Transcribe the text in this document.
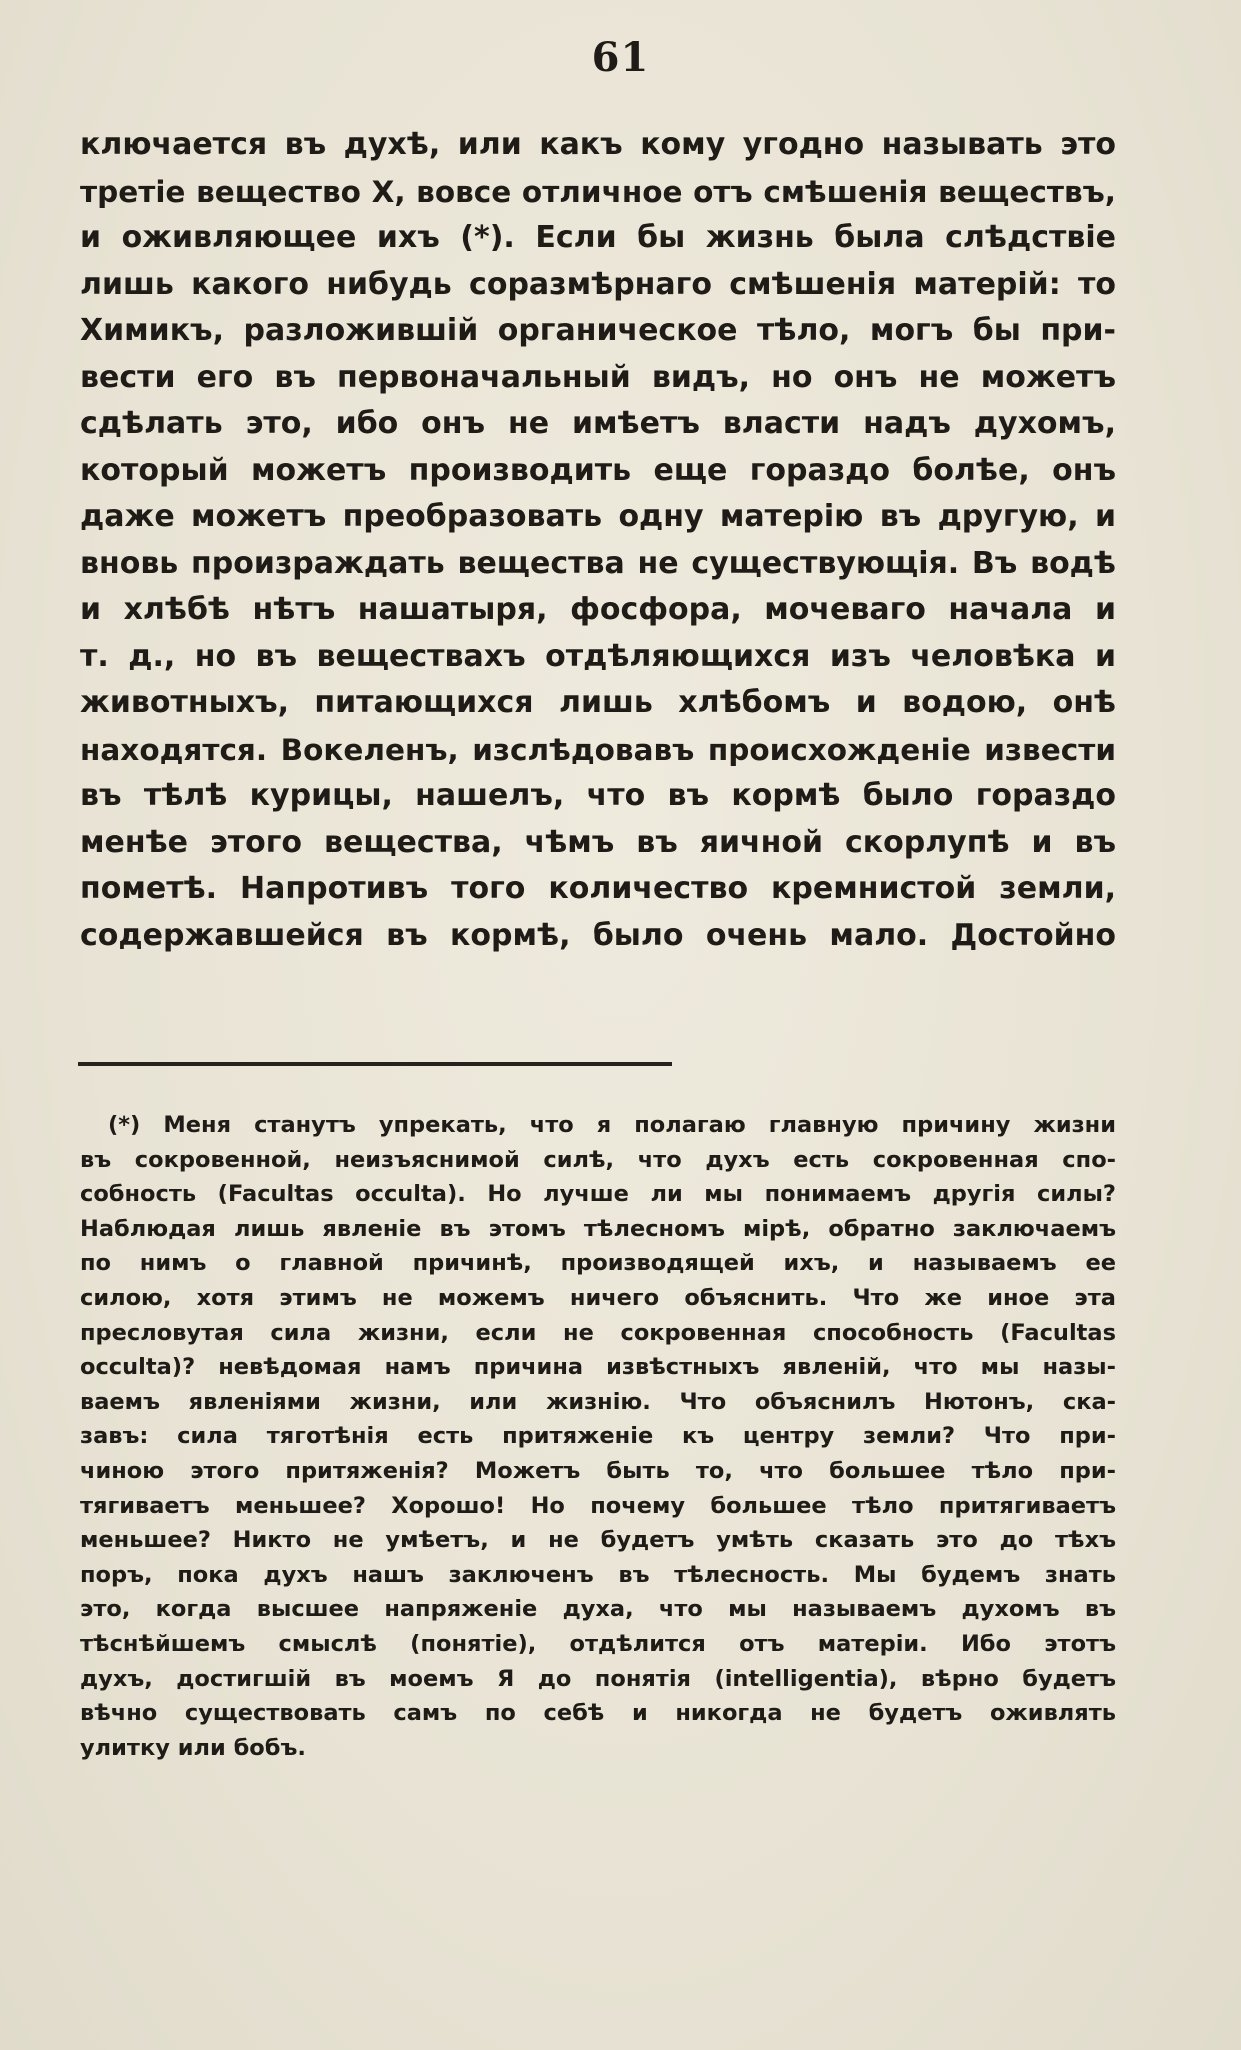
61
ключается въ духѣ, или какъ кому угодно называть это
третіе вещество X, вовсе отличное отъ смѣшенія веществъ,
и оживляющее ихъ (*). Если бы жизнь была слѣдствіе
лишь какого нибудь соразмѣрнаго смѣшенія матерій: то
Химикъ, разложившій органическое тѣло, могъ бы при-
вести его въ первоначальный видъ, но онъ не можетъ
сдѣлать это, ибо онъ не имѣетъ власти надъ духомъ,
который можетъ производить еще гораздо болѣе, онъ
даже можетъ преобразовать одну матерію въ другую, и
вновь произраждать вещества не существующія. Въ водѣ
и хлѣбѣ нѣтъ нашатыря, фосфора, мочеваго начала и
т. д., но въ веществахъ отдѣляющихся изъ человѣка и
животныхъ, питающихся лишь хлѣбомъ и водою, онѣ
находятся. Вокеленъ, изслѣдовавъ происхожденіе извести
въ тѣлѣ курицы, нашелъ, что въ кормѣ было гораздо
менѣе этого вещества, чѣмъ въ яичной скорлупѣ и въ
пометѣ. Напротивъ того количество кремнистой земли,
содержавшейся въ кормѣ, было очень мало. Достойно
(*) Меня станутъ упрекать, что я полагаю главную причину жизни
въ сокровенной, неизъяснимой силѣ, что духъ есть сокровенная спо-
собность (Facultas occulta). Но лучше ли мы понимаемъ другія силы?
Наблюдая лишь явленіе въ этомъ тѣлесномъ мірѣ, обратно заключаемъ
по нимъ о главной причинѣ, производящей ихъ, и называемъ ее
силою, хотя этимъ не можемъ ничего объяснить. Что же иное эта
пресловутая сила жизни, если не сокровенная способность (Facultas
occulta)? невѣдомая намъ причина извѣстныхъ явленій, что мы назы-
ваемъ явленіями жизни, или жизнію. Что объяснилъ Нютонъ, ска-
завъ: сила тяготѣнія есть притяженіе къ центру земли? Что при-
чиною этого притяженія? Можетъ быть то, что большее тѣло при-
тягиваетъ меньшее? Хорошо! Но почему большее тѣло притягиваетъ
меньшее? Никто не умѣетъ, и не будетъ умѣть сказать это до тѣхъ
поръ, пока духъ нашъ заключенъ въ тѣлесность. Мы будемъ знать
это, когда высшее напряженіе духа, что мы называемъ духомъ въ
тѣснѣйшемъ смыслѣ (понятіе), отдѣлится отъ матеріи. Ибо этотъ
духъ, достигшій въ моемъ Я до понятія (intelligentia), вѣрно будетъ
вѣчно существовать самъ по себѣ и никогда не будетъ оживлять
улитку или бобъ.
